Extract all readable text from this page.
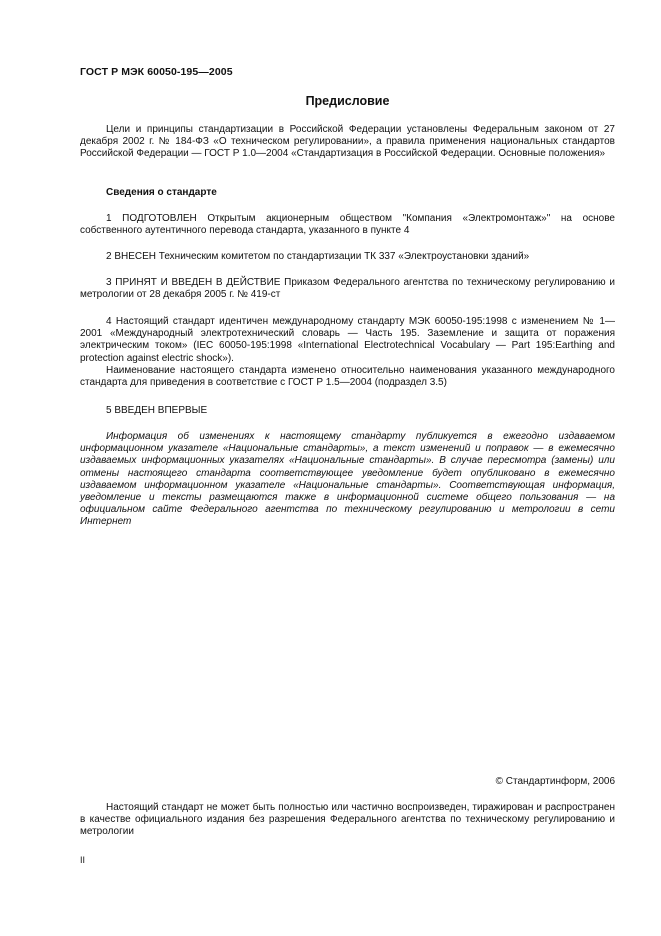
ГОСТ Р МЭК 60050-195—2005
Предисловие

Цели и принципы стандартизации в Российской Федерации установлены Федеральным законом от 27 декабря 2002 г. № 184-ФЗ «О техническом регулировании», а правила применения национальных стандартов Российской Федерации — ГОСТ Р 1.0—2004 «Стандартизация в Российской Федерации. Основные положения»

Сведения о стандарте

1 ПОДГОТОВЛЕН Открытым акционерным обществом "Компания «Электромонтаж»" на основе собственного аутентичного перевода стандарта, указанного в пункте 4

2 ВНЕСЕН Техническим комитетом по стандартизации ТК 337 «Электроустановки зданий»

3 ПРИНЯТ И ВВЕДЕН В ДЕЙСТВИЕ Приказом Федерального агентства по техническому регулированию и метрологии от 28 декабря 2005 г. № 419-ст

4 Настоящий стандарт идентичен международному стандарту МЭК 60050-195:1998 с изменением № 1—2001 «Международный электротехнический словарь — Часть 195. Заземление и защита от поражения электрическим током» (IEC 60050-195:1998 «International Electrotechnical Vocabulary — Part 195:Earthing and protection against electric shock»).

Наименование настоящего стандарта изменено относительно наименования указанного международного стандарта для приведения в соответствие с ГОСТ Р 1.5—2004 (подраздел 3.5)

5 ВВЕДЕН ВПЕРВЫЕ

Информация об изменениях к настоящему стандарту публикуется в ежегодно издаваемом информационном указателе «Национальные стандарты», а текст изменений и поправок — в ежемесячно издаваемых информационных указателях «Национальные стандарты». В случае пересмотра (замены) или отмены настоящего стандарта соответствующее уведомление будет опубликовано в ежемесячно издаваемом информационном указателе «Национальные стандарты». Соответствующая информация, уведомление и тексты размещаются также в информационной системе общего пользования — на официальном сайте Федерального агентства по техническому регулированию и метрологии в сети Интернет

© Стандартинформ, 2006

Настоящий стандарт не может быть полностью или частично воспроизведен, тиражирован и распространен в качестве официального издания без разрешения Федерального агентства по техническому регулированию и метрологии

II
